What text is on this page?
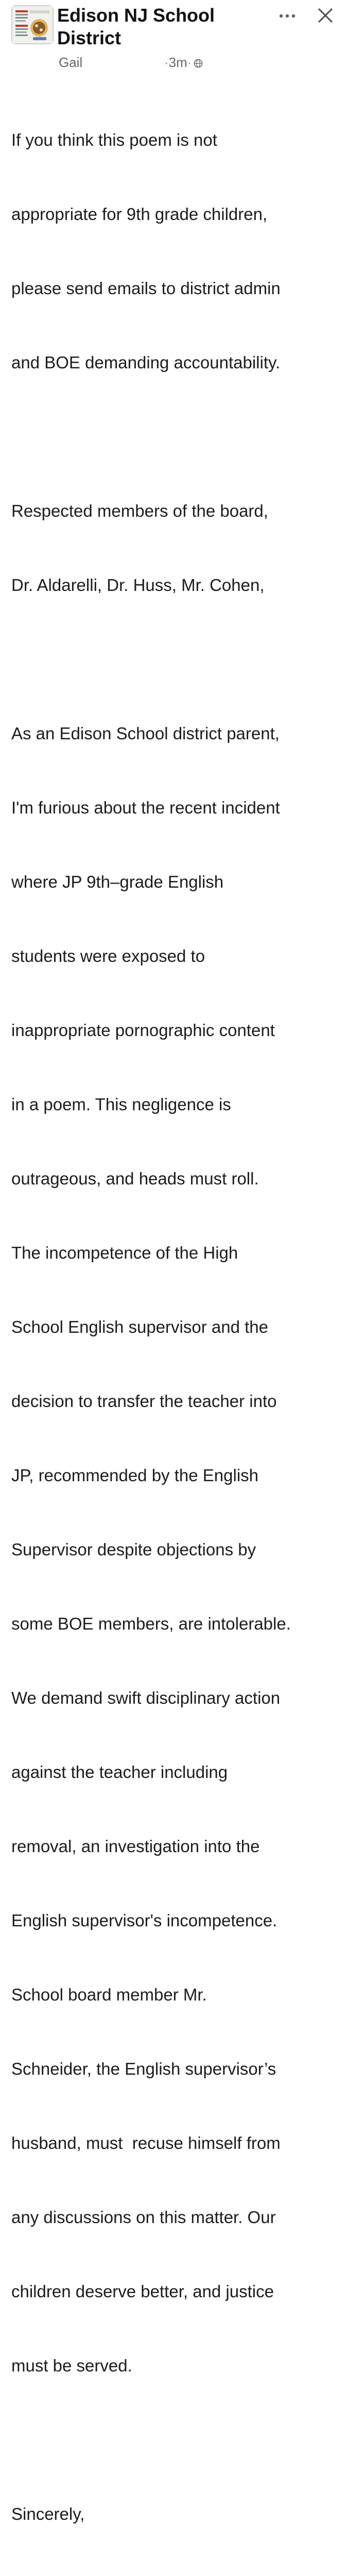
Edison NJ School
District
Gail	·3m·

If you think this poem is not

appropriate for 9th grade children,

please send emails to district admin

and BOE demanding accountability.

Respected members of the board,

Dr. Aldarelli, Dr. Huss, Mr. Cohen,

As an Edison School district parent,

I'm furious about the recent incident

where JP 9th–grade English

students were exposed to

inappropriate pornographic content

in a poem. This negligence is

outrageous, and heads must roll.

The incompetence of the High

School English supervisor and the

decision to transfer the teacher into

JP, recommended by the English

Supervisor despite objections by

some BOE members, are intolerable.

We demand swift disciplinary action

against the teacher including

removal, an investigation into the

English supervisor's incompetence.

School board member Mr.

Schneider, the English supervisor’s

husband, must  recuse himself from

any discussions on this matter. Our

children deserve better, and justice

must be served.

Sincerely,
